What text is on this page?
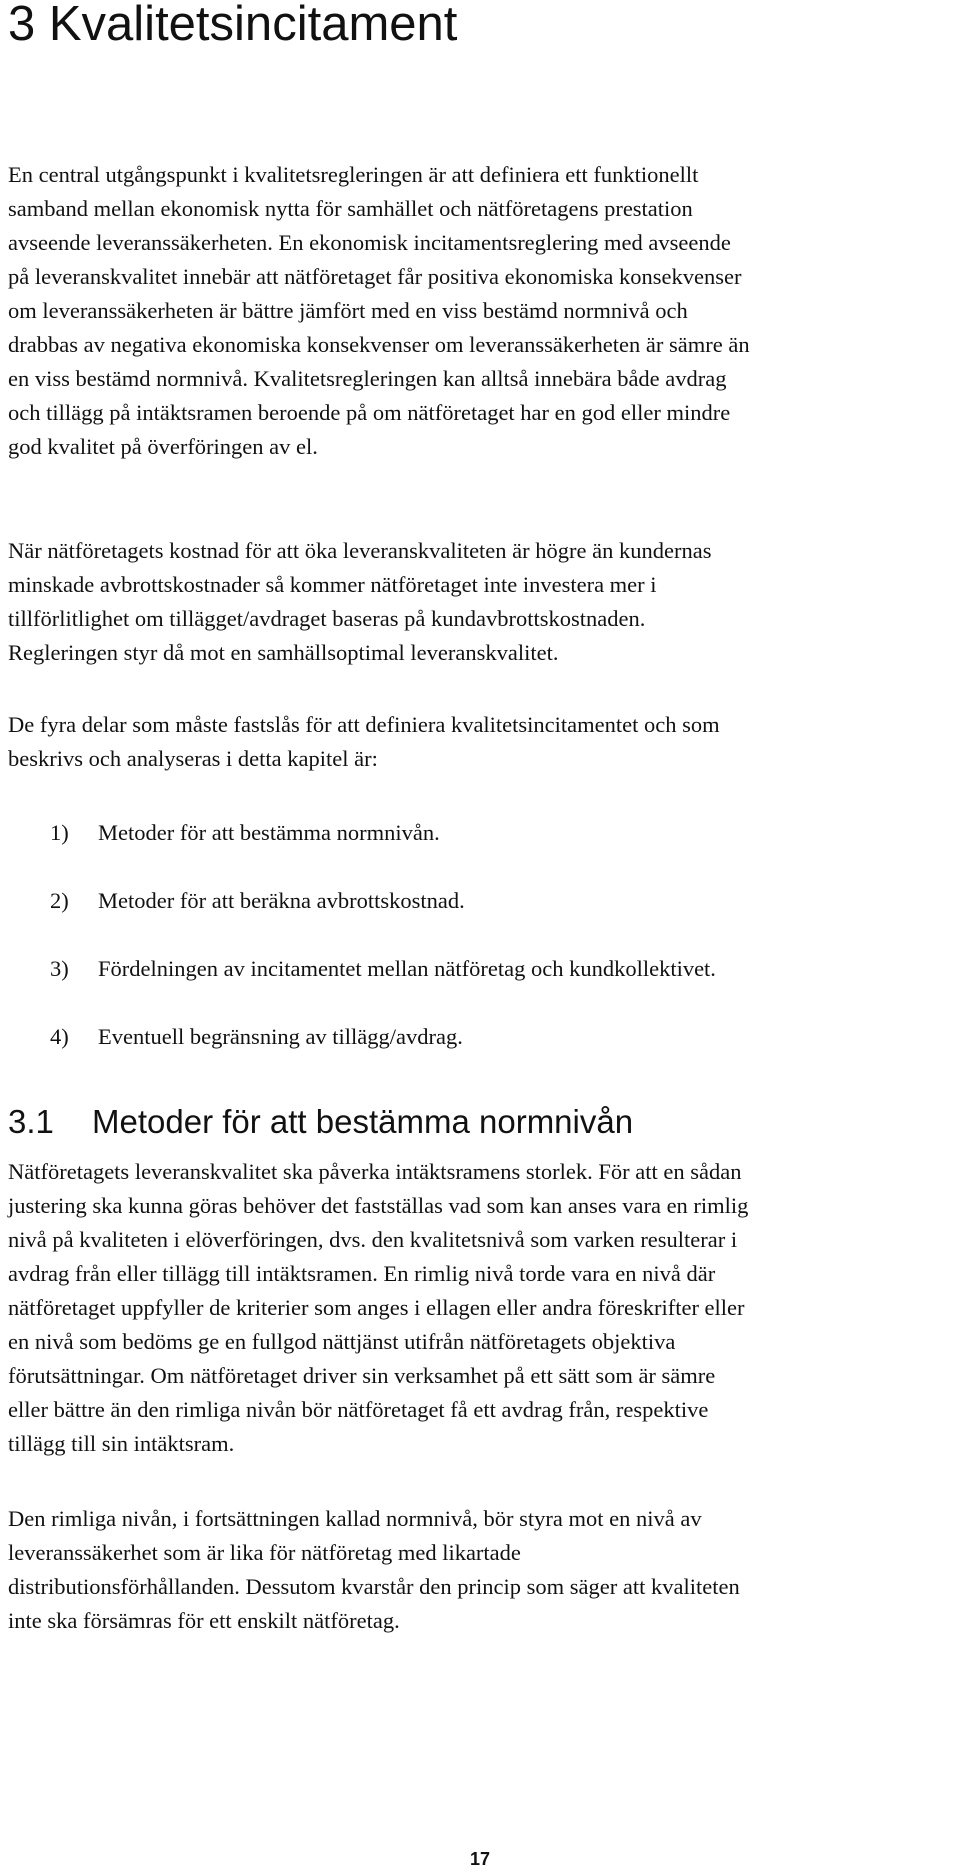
3 Kvalitetsincitament

En central utgångspunkt i kvalitetsregleringen är att definiera ett funktionellt
samband mellan ekonomisk nytta för samhället och nätföretagens prestation
avseende leveranssäkerheten. En ekonomisk incitamentsreglering med avseende
på leveranskvalitet innebär att nätföretaget får positiva ekonomiska konsekvenser
om leveranssäkerheten är bättre jämfört med en viss bestämd normnivå och
drabbas av negativa ekonomiska konsekvenser om leveranssäkerheten är sämre än
en viss bestämd normnivå. Kvalitetsregleringen kan alltså innebära både avdrag
och tillägg på intäktsramen beroende på om nätföretaget har en god eller mindre
god kvalitet på överföringen av el.

När nätföretagets kostnad för att öka leveranskvaliteten är högre än kundernas
minskade avbrottskostnader så kommer nätföretaget inte investera mer i
tillförlitlighet om tillägget/avdraget baseras på kundavbrottskostnaden.
Regleringen styr då mot en samhällsoptimal leveranskvalitet.

De fyra delar som måste fastslås för att definiera kvalitetsincitamentet och som
beskrivs och analyseras i detta kapitel är:

1) Metoder för att bestämma normnivån.

2) Metoder för att beräkna avbrottskostnad.

3) Fördelningen av incitamentet mellan nätföretag och kundkollektivet.

4) Eventuell begränsning av tillägg/avdrag.

3.1 Metoder för att bestämma normnivån

Nätföretagets leveranskvalitet ska påverka intäktsramens storlek. För att en sådan
justering ska kunna göras behöver det fastställas vad som kan anses vara en rimlig
nivå på kvaliteten i elöverföringen, dvs. den kvalitetsnivå som varken resulterar i
avdrag från eller tillägg till intäktsramen. En rimlig nivå torde vara en nivå där
nätföretaget uppfyller de kriterier som anges i ellagen eller andra föreskrifter eller
en nivå som bedöms ge en fullgod nättjänst utifrån nätföretagets objektiva
förutsättningar. Om nätföretaget driver sin verksamhet på ett sätt som är sämre
eller bättre än den rimliga nivån bör nätföretaget få ett avdrag från, respektive
tillägg till sin intäktsram.

Den rimliga nivån, i fortsättningen kallad normnivå, bör styra mot en nivå av
leveranssäkerhet som är lika för nätföretag med likartade
distributionsförhållanden. Dessutom kvarstår den princip som säger att kvaliteten
inte ska försämras för ett enskilt nätföretag.

17
